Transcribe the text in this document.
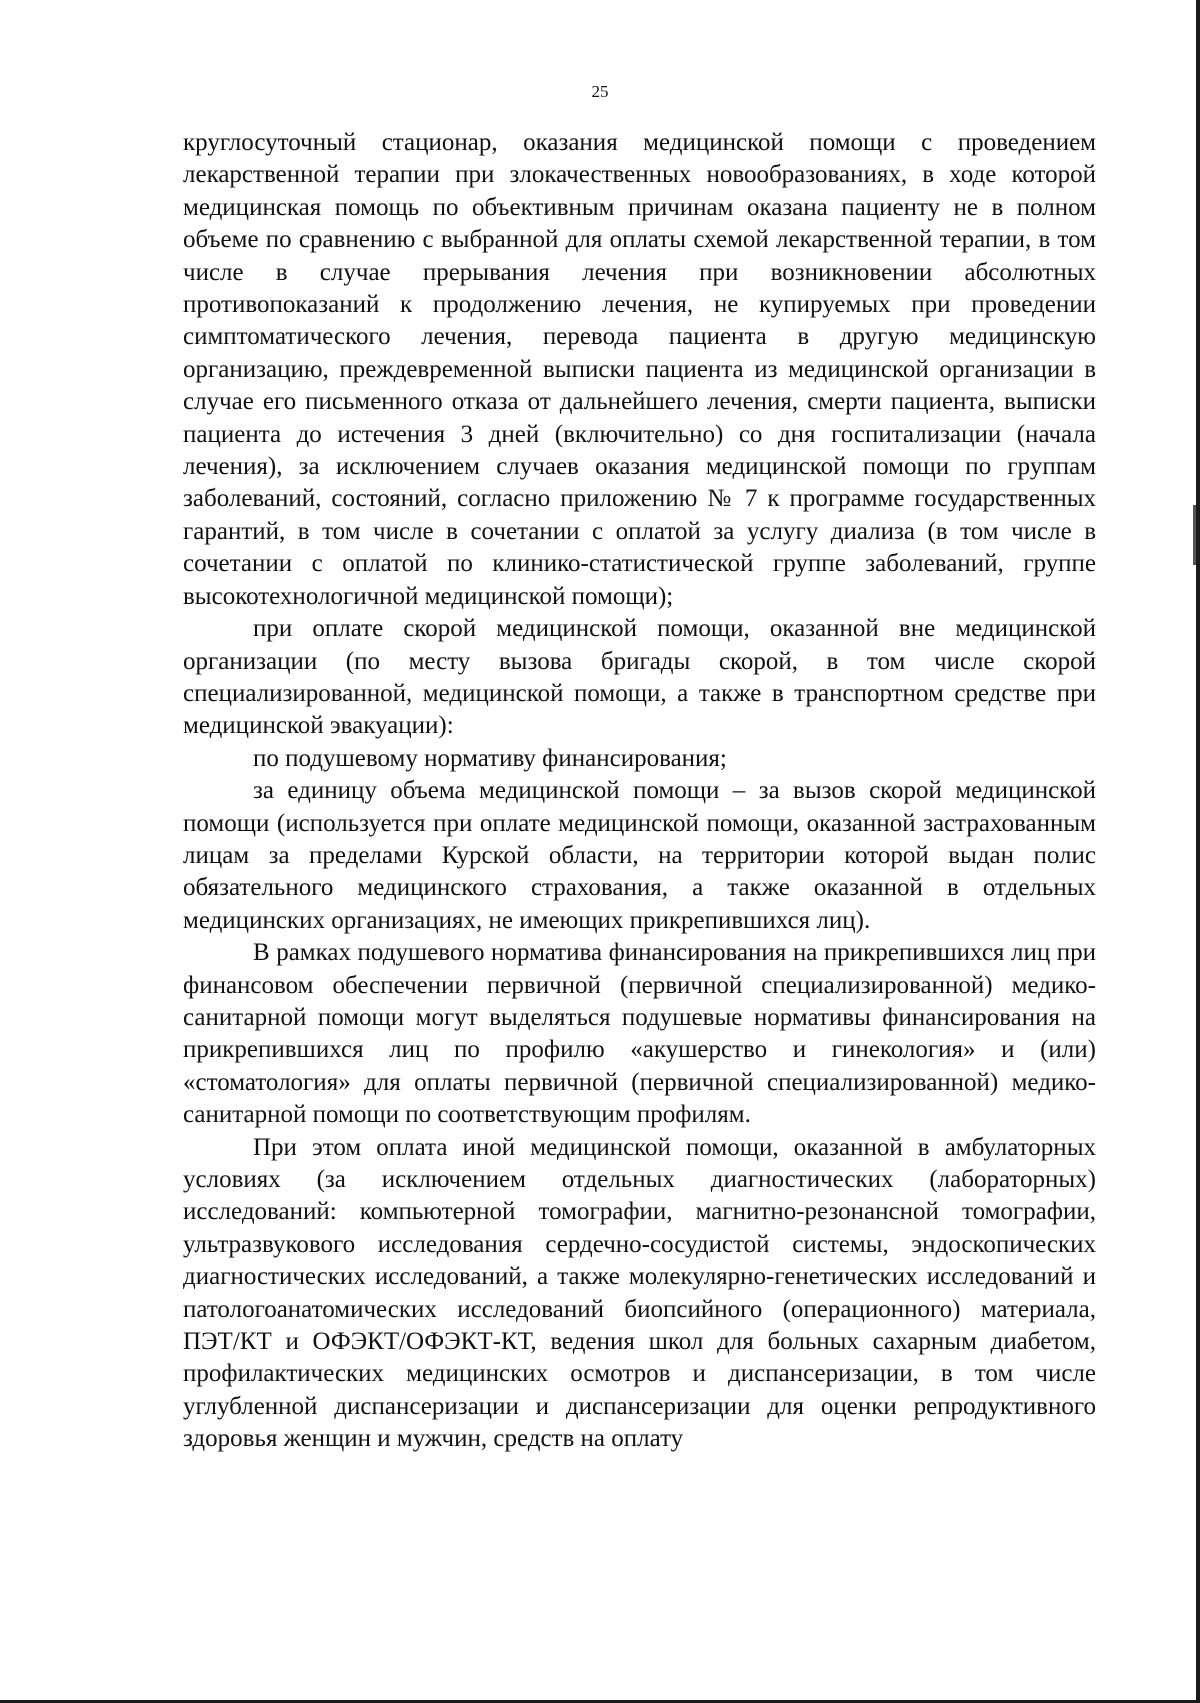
25

круглосуточный стационар, оказания медицинской помощи с проведением лекарственной терапии при злокачественных новообразованиях, в ходе которой медицинская помощь по объективным причинам оказана пациенту не в полном объеме по сравнению с выбранной для оплаты схемой лекарственной терапии, в том числе в случае прерывания лечения при возникновении абсолютных противопоказаний к продолжению лечения, не купируемых при проведении симптоматического лечения, перевода пациента в другую медицинскую организацию, преждевременной выписки пациента из медицинской организации в случае его письменного отказа от дальнейшего лечения, смерти пациента, выписки пациента до истечения 3 дней (включительно) со дня госпитализации (начала лечения), за исключением случаев оказания медицинской помощи по группам заболеваний, состояний, согласно приложению № 7 к программе государственных гарантий, в том числе в сочетании с оплатой за услугу диализа (в том числе в сочетании с оплатой по клинико-статистической группе заболеваний, группе высокотехнологичной медицинской помощи);

при оплате скорой медицинской помощи, оказанной вне медицинской организации (по месту вызова бригады скорой, в том числе скорой специализированной, медицинской помощи, а также в транспортном средстве при медицинской эвакуации):

по подушевому нормативу финансирования;

за единицу объема медицинской помощи – за вызов скорой медицинской помощи (используется при оплате медицинской помощи, оказанной застрахованным лицам за пределами Курской области, на территории которой выдан полис обязательного медицинского страхования, а также оказанной в отдельных медицинских организациях, не имеющих прикрепившихся лиц).

В рамках подушевого норматива финансирования на прикрепившихся лиц при финансовом обеспечении первичной (первичной специализированной) медико-санитарной помощи могут выделяться подушевые нормативы финансирования на прикрепившихся лиц по профилю «акушерство и гинекология» и (или) «стоматология» для оплаты первичной (первичной специализированной) медико-санитарной помощи по соответствующим профилям.

При этом оплата иной медицинской помощи, оказанной в амбулаторных условиях (за исключением отдельных диагностических (лабораторных) исследований: компьютерной томографии, магнитно-резонансной томографии, ультразвукового исследования сердечно-сосудистой системы, эндоскопических диагностических исследований, а также молекулярно-генетических исследований и патологоанатомических исследований биопсийного (операционного) материала, ПЭТ/КТ и ОФЭКТ/ОФЭКТ-КТ, ведения школ для больных сахарным диабетом, профилактических медицинских осмотров и диспансеризации, в том числе углубленной диспансеризации и диспансеризации для оценки репродуктивного здоровья женщин и мужчин, средств на оплату
